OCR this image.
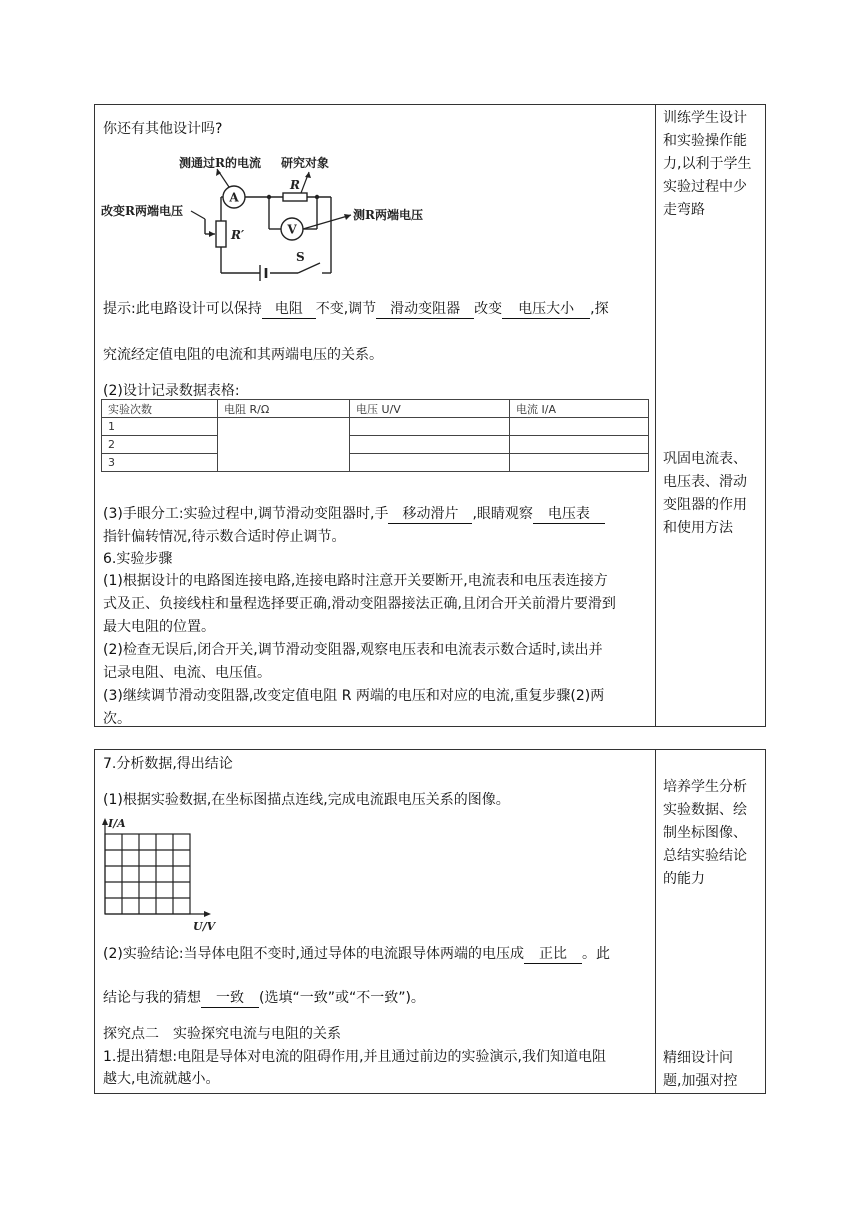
你还有其他设计吗?
A
V
测通过R的电流 研究对象
R
改变R两端电压
R′
测R两端电压
S
提示:此电路设计可以保持 电阻 不变,调节 滑动变阻器 改变 电压大小 ,探
究流经定值电阻的电流和其两端电压的关系。
(2)设计记录数据表格:
实验次数	电阻 R/Ω	电压 U/V	电流 I/A
1			
2			
3			
(3)手眼分工:实验过程中,调节滑动变阻器时,手 移动滑片 ,眼睛观察 电压表
指针偏转情况,待示数合适时停止调节。
6.实验步骤
(1)根据设计的电路图连接电路,连接电路时注意开关要断开,电流表和电压表连接方
式及正、负接线柱和量程选择要正确,滑动变阻器接法正确,且闭合开关前滑片要滑到
最大电阻的位置。
(2)检查无误后,闭合开关,调节滑动变阻器,观察电压表和电流表示数合适时,读出并
记录电阻、电流、电压值。
(3)继续调节滑动变阻器,改变定值电阻 R 两端的电压和对应的电流,重复步骤(2)两
次。
训练学生设计
和实验操作能
力,以利于学生
实验过程中少
走弯路
巩固电流表、
电压表、滑动
变阻器的作用
和使用方法
7.分析数据,得出结论
(1)根据实验数据,在坐标图描点连线,完成电流跟电压关系的图像。
I/A
U/V
(2)实验结论:当导体电阻不变时,通过导体的电流跟导体两端的电压成 正比 。此
结论与我的猜想 一致 (选填“一致”或“不一致”)。
探究点二　实验探究电流与电阻的关系
1.提出猜想:电阻是导体对电流的阻碍作用,并且通过前边的实验演示,我们知道电阻
越大,电流就越小。
培养学生分析
实验数据、绘
制坐标图像、
总结实验结论
的能力
精细设计问
题,加强对控
